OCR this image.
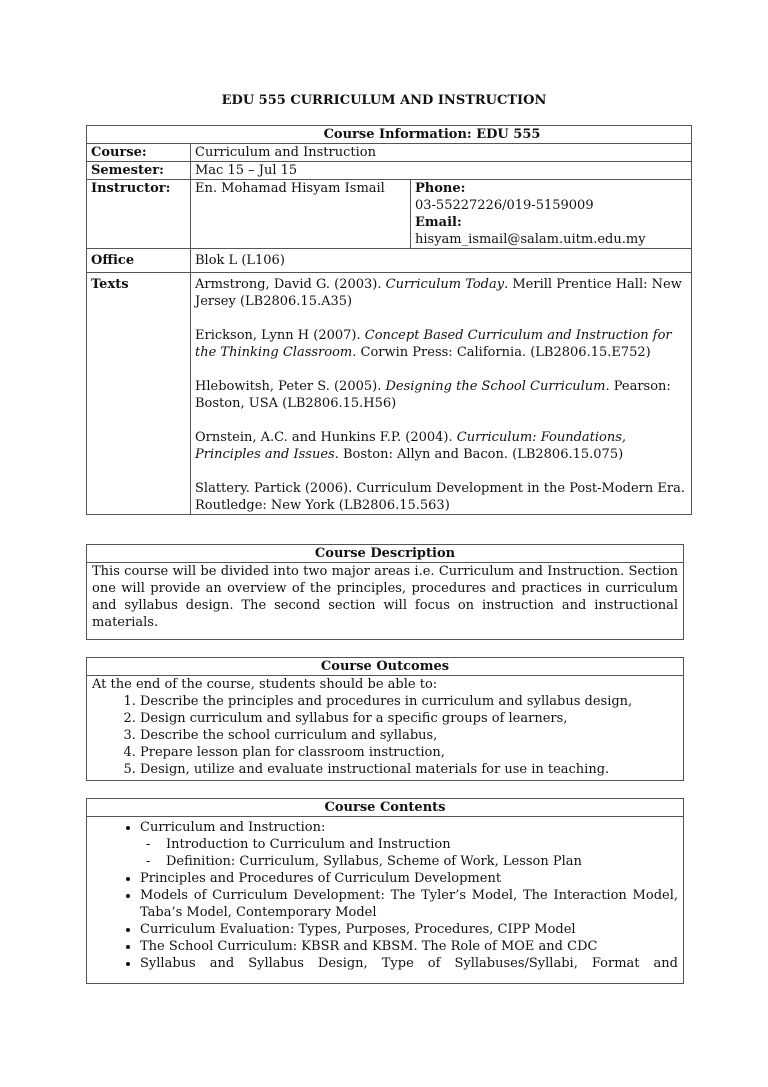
EDU 555 CURRICULUM AND INSTRUCTION
Course Information: EDU 555		
Course:	Curriculum and Instruction	
Semester:	Mac 15 – Jul 15	
Instructor:	En. Mohamad Hisyam Ismail	Phone:
03-55227226/019-5159009
Email:
hisyam_ismail@salam.uitm.edu.my

Office	Blok L (L106)	
Texts	Armstrong, David G. (2003). Curriculum Today. Merill Prentice Hall: New Jersey (LB2806.15.A35)

Erickson, Lynn H (2007). Concept Based Curriculum and Instruction for the Thinking Classroom. Corwin Press: California. (LB2806.15.E752)

Hlebowitsh, Peter S. (2005). Designing the School Curriculum. Pearson: Boston, USA (LB2806.15.H56)

Ornstein, A.C. and Hunkins F.P. (2004). Curriculum: Foundations, Principles and Issues. Boston: Allyn and Bacon. (LB2806.15.075)

Slattery. Partick (2006). Curriculum Development in the Post-Modern Era. Routledge: New York (LB2806.15.563)	

Course Description
This course will be divided into two major areas i.e. Curriculum and Instruction. Section one will provide an overview of the principles, procedures and practices in curriculum and syllabus design. The second section will focus on instruction and instructional materials.
Course Outcomes
At the end of the course, students should be able to:
1. Describe the principles and procedures in curriculum and syllabus design,
2. Design curriculum and syllabus for a specific groups of learners,
3. Describe the school curriculum and syllabus,
4. Prepare lesson plan for classroom instruction,
5. Design, utilize and evaluate instructional materials for use in teaching.
Course Contents
• Curriculum and Instruction:
- Introduction to Curriculum and Instruction
- Definition: Curriculum, Syllabus, Scheme of Work, Lesson Plan
• Principles and Procedures of Curriculum Development
• Models of Curriculum Development: The Tyler’s Model, The Interaction Model, Taba’s Model, Contemporary Model
• Curriculum Evaluation: Types, Purposes, Procedures, CIPP Model
• The School Curriculum: KBSR and KBSM. The Role of MOE and CDC
• Syllabus and Syllabus Design, Type of Syllabuses/Syllabi, Format and
